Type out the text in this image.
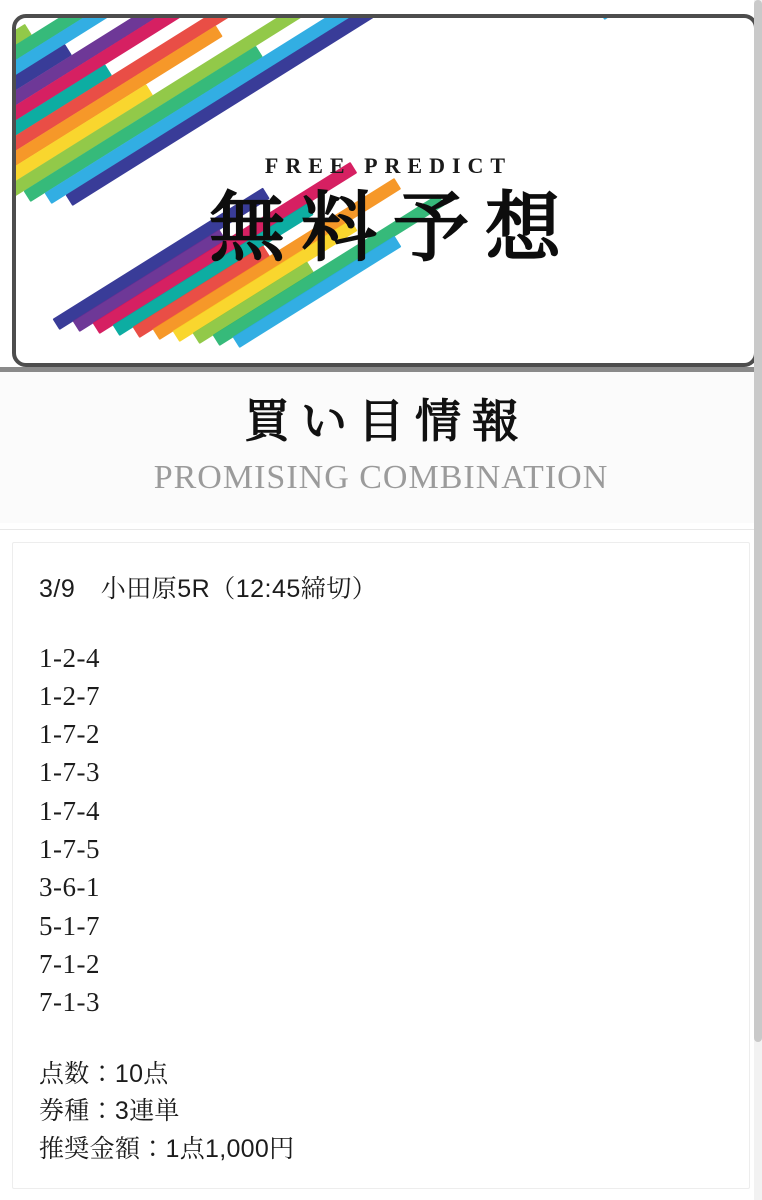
FREE PREDICT
無料予想
買い目情報
PROMISING COMBINATION
3/9　小田原5R（12:45締切）
1-2-4
1-2-7
1-7-2
1-7-3
1-7-4
1-7-5
3-6-1
5-1-7
7-1-2
7-1-3
点数：10点
券種：3連単
推奨金額：1点1,000円
